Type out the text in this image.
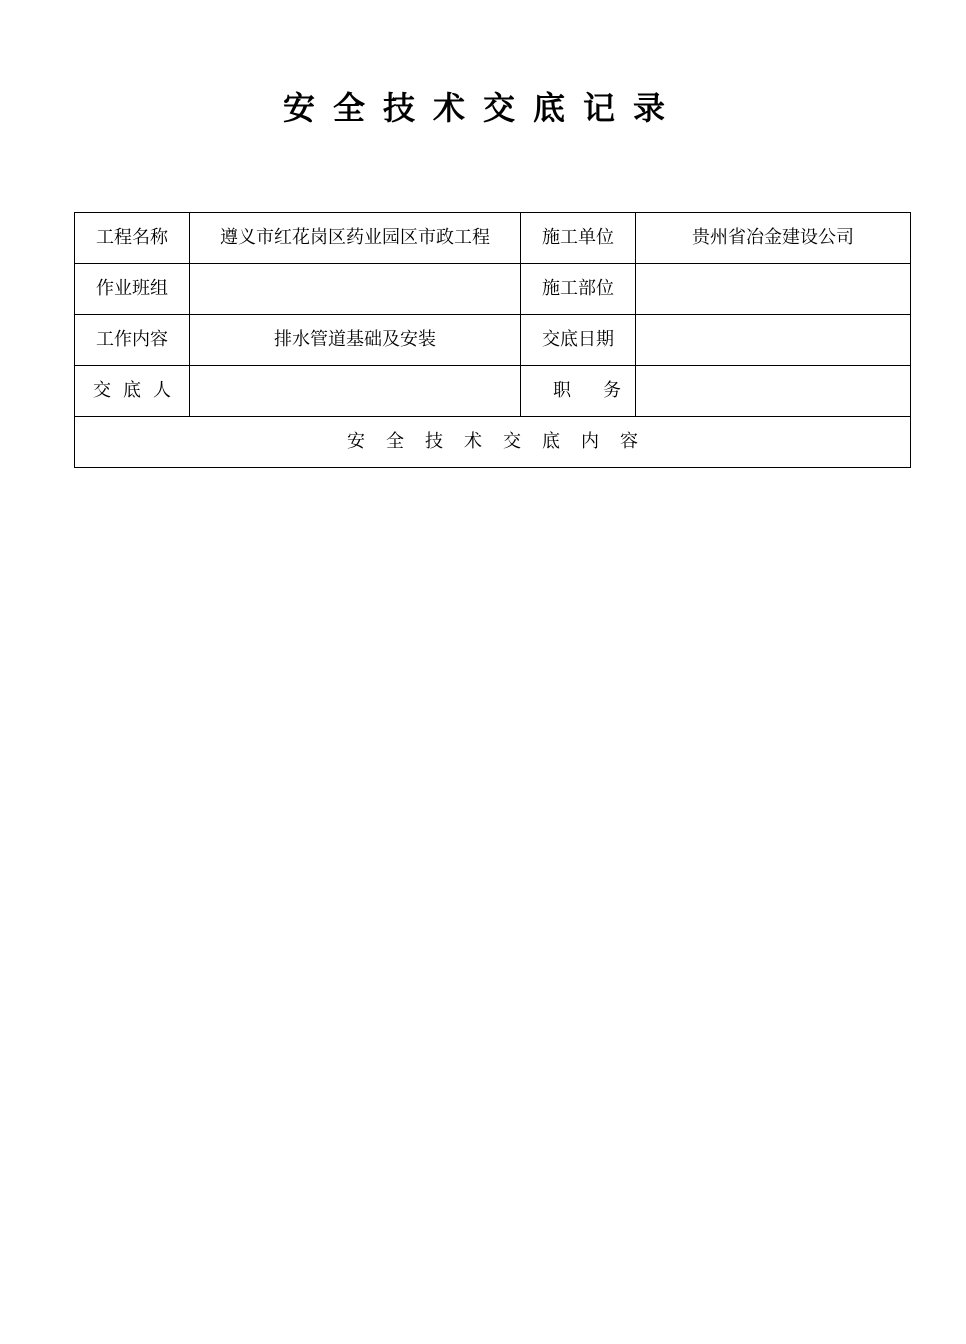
安全技术交底记录
工程名称	遵义市红花岗区药业园区市政工程	施工单位	贵州省冶金建设公司
作业班组		施工部位	
工作内容	排水管道基础及安装	交底日期	
交底人		职务	
安全技术交底内容			
